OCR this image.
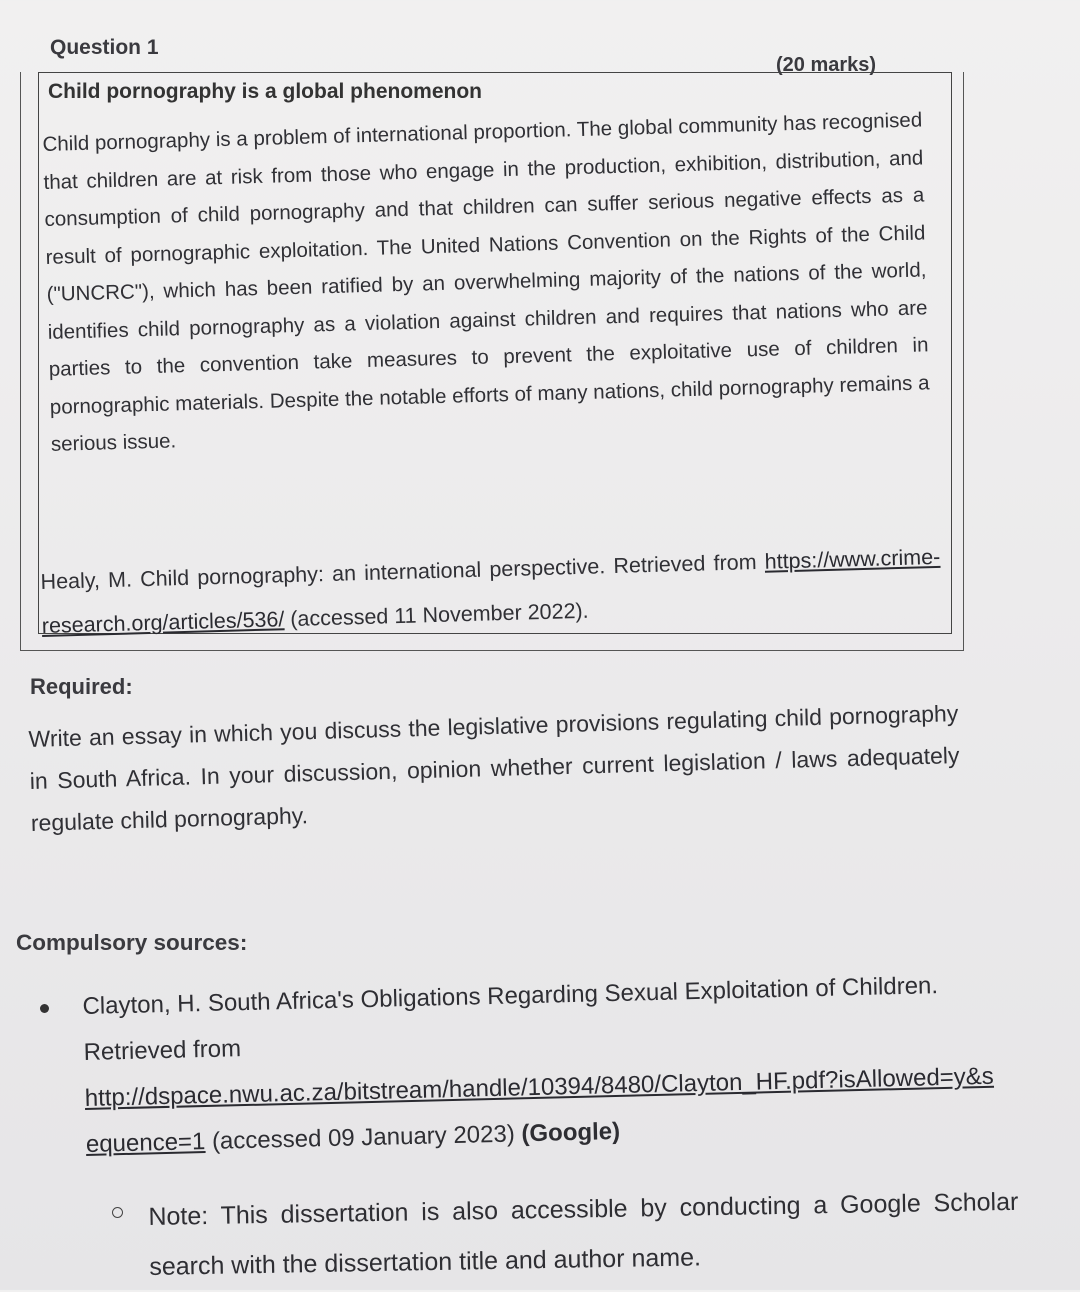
Question 1
(20 marks)
Child pornography is a global phenomenon
Child pornography is a problem of international proportion. The global community has recognised that children are at risk from those who engage in the production, exhibition, distribution, and consumption of child pornography and that children can suffer serious negative effects as a result of pornographic exploitation. The United Nations Convention on the Rights of the Child ("UNCRC"), which has been ratified by an overwhelming majority of the nations of the world, identifies child pornography as a violation against children and requires that nations who are parties to the convention take measures to prevent the exploitative use of children in pornographic materials. Despite the notable efforts of many nations, child pornography remains a serious issue.
Healy, M. Child pornography: an international perspective. Retrieved from https://www.crime-research.org/articles/536/ (accessed 11 November 2022).
Required:
Write an essay in which you discuss the legislative provisions regulating child pornography in South Africa. In your discussion, opinion whether current legislation / laws adequately regulate child pornography.
Compulsory sources:
Clayton, H. South Africa's Obligations Regarding Sexual Exploitation of Children. Retrieved from
http://dspace.nwu.ac.za/bitstream/handle/10394/8480/Clayton_HF.pdf?isAllowed=y&sequence=1 (accessed 09 January 2023) (Google)
Note: This dissertation is also accessible by conducting a Google Scholar search with the dissertation title and author name.
